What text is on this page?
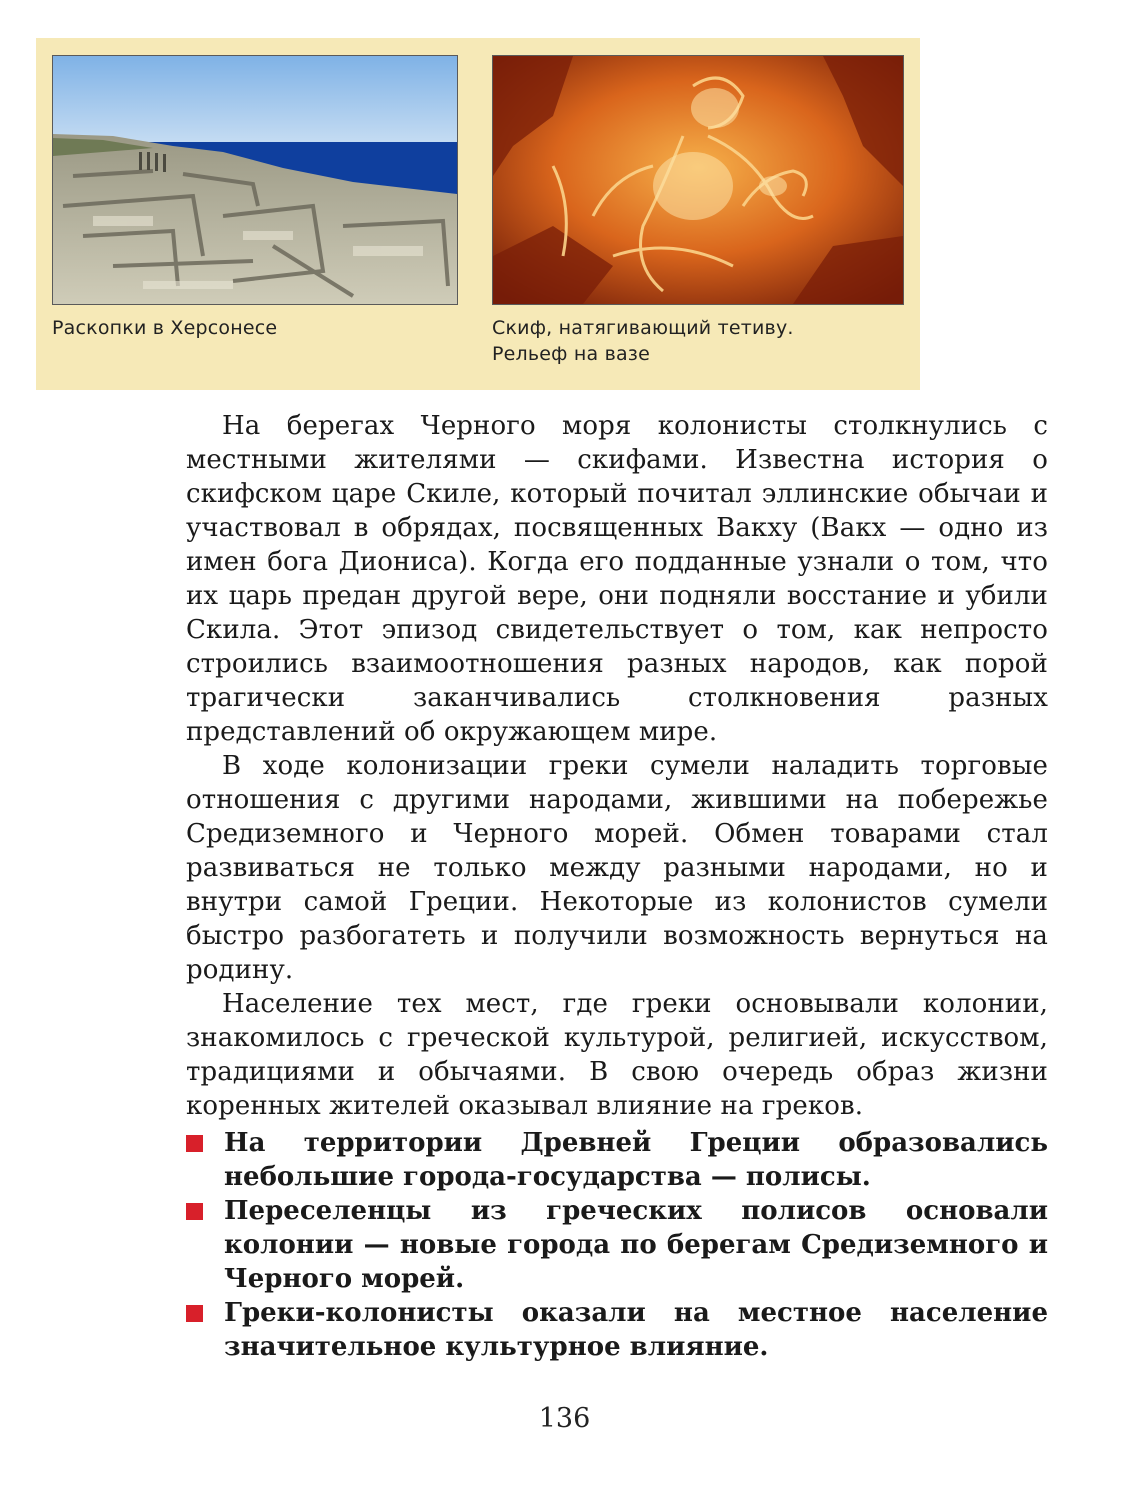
Раскопки в Херсонесе	Скиф, натягивающий тетиву.
Рельеф на вазе

На берегах Черного моря колонисты столкнулись с местными жителями — скифами. Известна история о скифском царе Скиле, который почитал эллинские обычаи и участвовал в обрядах, посвященных Вакху (Вакх — одно из имен бога Диониса). Когда его подданные узнали о том, что их царь предан другой вере, они подняли восстание и убили Скила. Этот эпизод свидетельствует о том, как непросто строились взаимоотношения разных народов, как порой трагически заканчивались столкновения разных представлений об окружающем мире.

В ходе колонизации греки сумели наладить торговые отношения с другими народами, жившими на побережье Средиземного и Черного морей. Обмен товарами стал развиваться не только между разными народами, но и внутри самой Греции. Некоторые из колонистов сумели быстро разбогатеть и получили возможность вернуться на родину.

Население тех мест, где греки основывали колонии, знакомилось с греческой культурой, религией, искусством, традициями и обычаями. В свою очередь образ жизни коренных жителей оказывал влияние на греков.

На территории Древней Греции образовались небольшие города-государства — полисы.
Переселенцы из греческих полисов основали колонии — новые города по берегам Средиземного и Черного морей.
Греки-колонисты оказали на местное население значительное культурное влияние.
136
